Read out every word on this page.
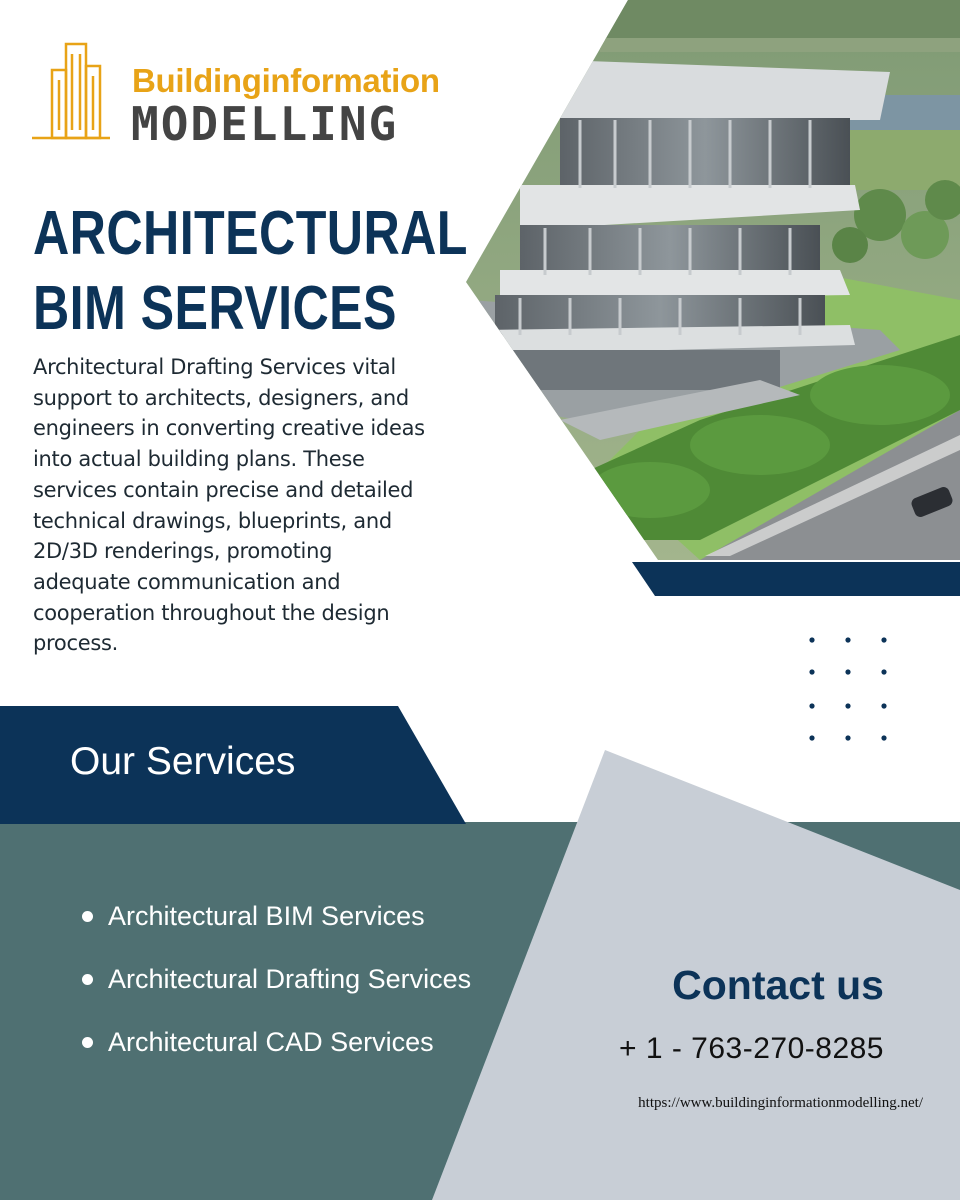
Buildinginformation
MODELLING
ARCHITECTURAL
BIM SERVICES

Architectural Drafting Services vital support to architects, designers, and engineers in converting creative ideas into actual building plans. These services contain precise and detailed technical drawings, blueprints, and 2D/3D renderings, promoting adequate communication and cooperation throughout the design process.

Our Services
Architectural BIM Services
Architectural Drafting Services
Architectural CAD Services
Contact us
+ 1 - 763-270-8285
https://www.buildinginformationmodelling.net/
